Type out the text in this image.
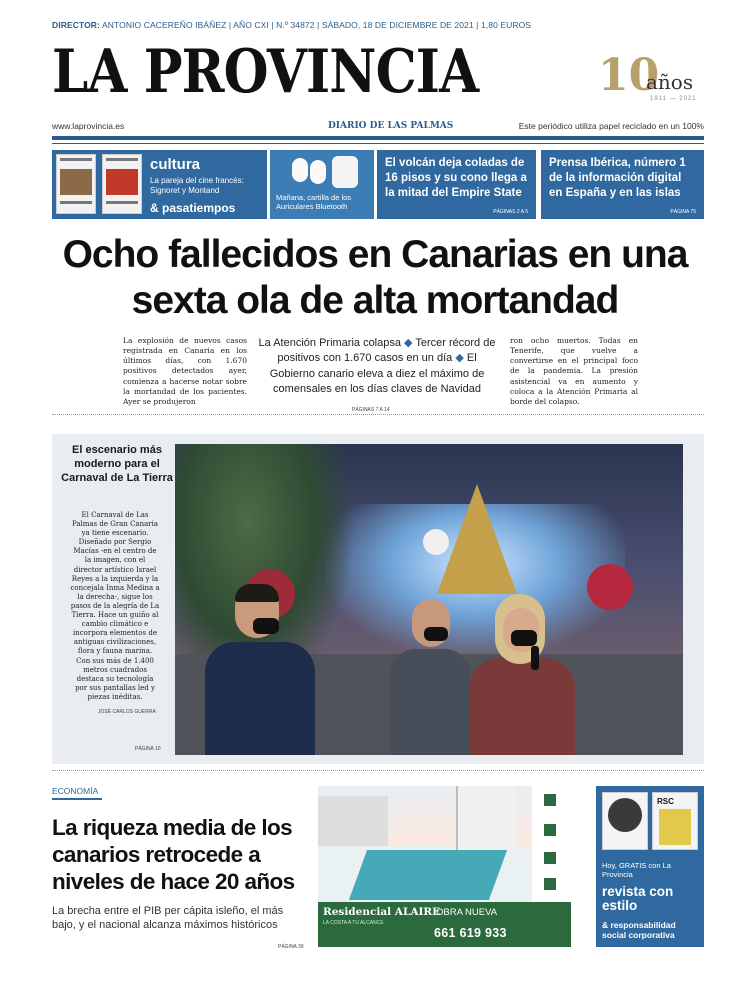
DIRECTOR: ANTONIO CACEREÑO IBÁÑEZ | AÑO CXI | N.º 34872 | SÁBADO, 18 DE DICIEMBRE DE 2021 | 1,80 EUROS
LA PROVINCIA	10
años
1911 — 2021
www.laprovincia.es	DIARIO DE LAS PALMAS	Este periódico utiliza papel reciclado en un 100%
cultura
La pareja del cine francés: Signoret y Montand
& pasatiempos
Mañana, cartilla de los Auriculares Bluetooth
El volcán deja coladas de 16 pisos y su cono llega a la mitad del Empire State
PÁGINAS 2 A 5
Prensa Ibérica, número 1 de la información digital en España y en las islas
PÁGINA 75
Ocho fallecidos en Canarias en una sexta ola de alta mortandad
La explosión de nuevos casos registrada en Canaria en los últimos días, con 1.670 positivos detectados ayer, comienza a hacerse notar sobre la mortandad de los pacientes. Ayer se produjeron
La Atención Primaria colapsa ◆ Tercer récord de positivos con 1.670 casos en un día ◆ El Gobierno canario eleva a diez el máximo de comensales en los días claves de Navidad
ron ocho muertos. Todas en Tenerife, que vuelve a convertirse en el principal foco de la pandemia. La presión asistencial va en aumento y coloca a la Atención Primaria al borde del colapso.
PÁGINAS 7 A 14
El escenario más moderno para el Carnaval de La Tierra
El Carnaval de Las Palmas de Gran Canaria ya tiene escenario. Diseñado por Sergio Macías -en el centro de la imagen, con el director artístico Israel Reyes a la izquierda y la concejala Inma Medina a la derecha-, sigue los pasos de la alegría de La Tierra. Hace un guiño al cambio climático e incorpora elementos de antiguas civilizaciones, flora y fauna marina. Con sus más de 1.400 metros cuadrados destaca su tecnología por sus pantallas led y piezas inéditas.
JOSÉ CARLOS GUERRA
PÁGINA 10
ECONOMÍA
La riqueza media de los canarios retrocede a niveles de hace 20 años
La brecha entre el PIB per cápita isleño, el más bajo, y el nacional alcanza máximos históricos
PÁGINA 39
Residencial ALAIRE
LA COSTA A TU ALCANCE
OBRA NUEVA
661 619 933
RSC
Hoy, GRATIS con La Provincia
revista con estilo
& responsabilidad social corporativa
